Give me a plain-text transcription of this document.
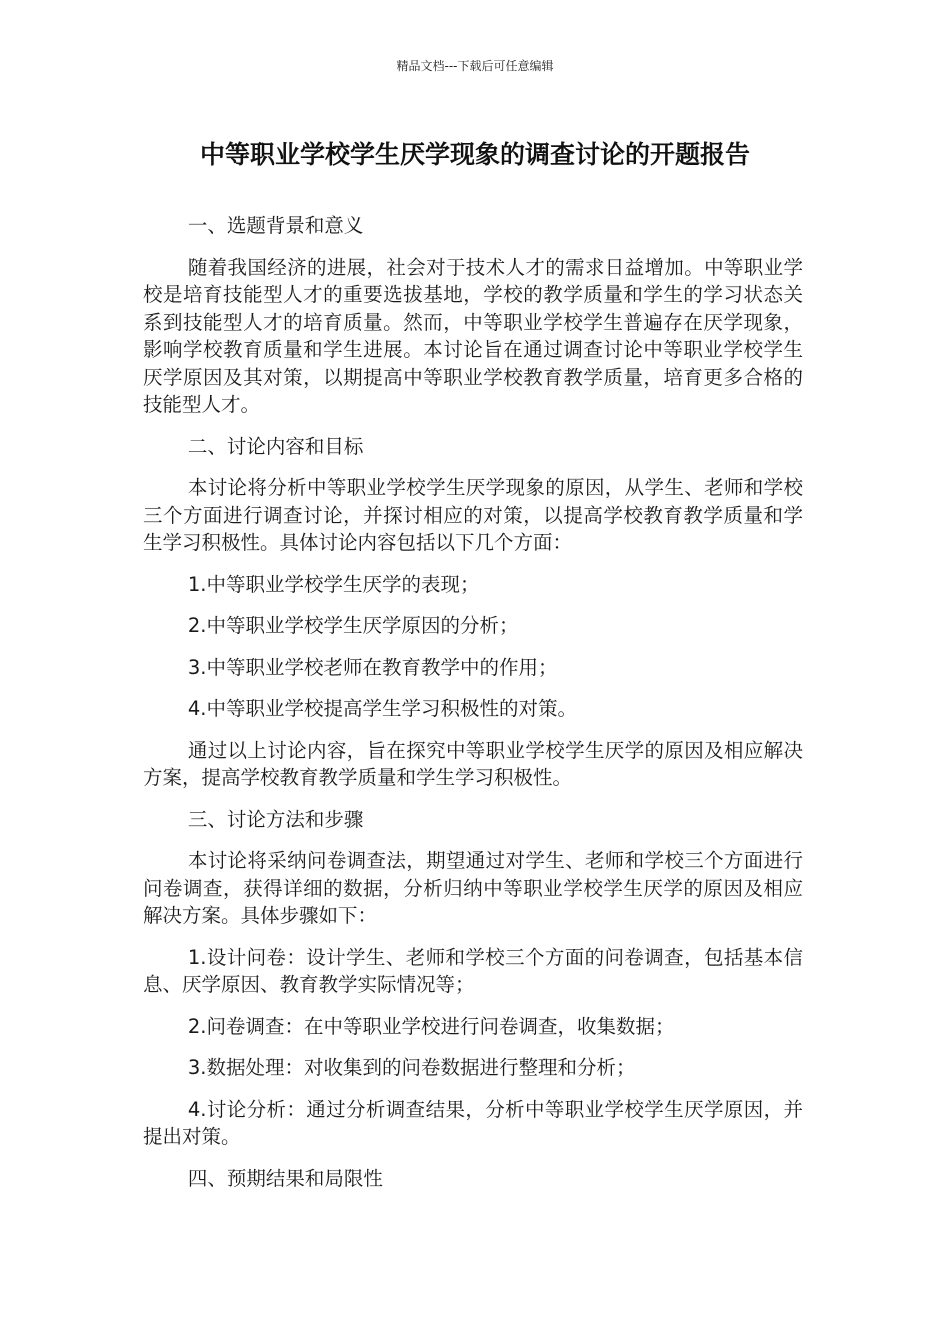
精品文档---下载后可任意编辑
中等职业学校学生厌学现象的调查讨论的开题报告

一、选题背景和意义

随着我国经济的进展，社会对于技术人才的需求日益增加。中等职业学校是培育技能型人才的重要选拔基地，学校的教学质量和学生的学习状态关系到技能型人才的培育质量。然而，中等职业学校学生普遍存在厌学现象，影响学校教育质量和学生进展。本讨论旨在通过调查讨论中等职业学校学生厌学原因及其对策，以期提高中等职业学校教育教学质量，培育更多合格的技能型人才。

二、讨论内容和目标

本讨论将分析中等职业学校学生厌学现象的原因，从学生、老师和学校三个方面进行调查讨论，并探讨相应的对策，以提高学校教育教学质量和学生学习积极性。具体讨论内容包括以下几个方面：

1.中等职业学校学生厌学的表现；

2.中等职业学校学生厌学原因的分析；

3.中等职业学校老师在教育教学中的作用；

4.中等职业学校提高学生学习积极性的对策。

通过以上讨论内容，旨在探究中等职业学校学生厌学的原因及相应解决方案，提高学校教育教学质量和学生学习积极性。

三、讨论方法和步骤

本讨论将采纳问卷调查法，期望通过对学生、老师和学校三个方面进行问卷调查，获得详细的数据，分析归纳中等职业学校学生厌学的原因及相应解决方案。具体步骤如下：

1.设计问卷：设计学生、老师和学校三个方面的问卷调查，包括基本信息、厌学原因、教育教学实际情况等；

2.问卷调查：在中等职业学校进行问卷调查，收集数据；

3.数据处理：对收集到的问卷数据进行整理和分析；

4.讨论分析：通过分析调查结果，分析中等职业学校学生厌学原因，并提出对策。

四、预期结果和局限性
